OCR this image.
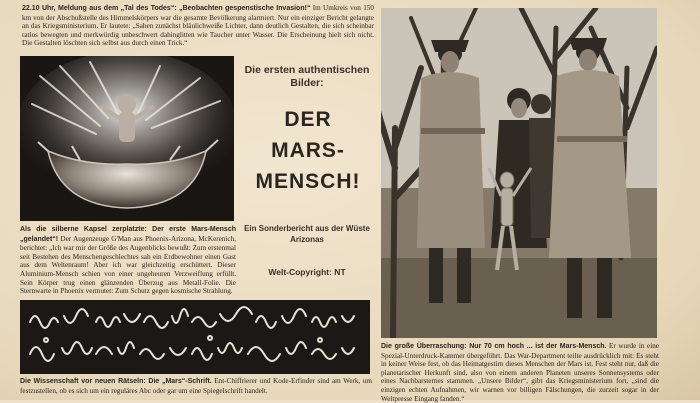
22.10 Uhr, Meldung aus dem „Tal des Todes“: „Beobachten gespenstische Invasion!“ Im Umkreis von 150 km von der Abschußstelle des Himmelskörpers war die gesamte Bevölkerung alarmiert. Nur ein einziger Bericht gelangte an das Kriegsministerium. Er lautete: „Sahen zunächst bläulichweiße Lichter, dann deutlich Gestalten, die sich scheinbar ratlos bewegten und merkwürdig unbeschwert dahinglitten wie Taucher unter Wasser. Die Erscheinung hielt sich nicht. Die Gestalten löschten sich selbst aus durch einen Trick.“

Als die silberne Kapsel zerplatzte: Der erste Mars-Mensch „gelandet“! Der Augenzeuge G'Man aus Phoenix-Arizona, McKerenich, berichtet: „Ich war mir der Größe des Augenblicks bewußt: Zum erstenmal seit Bestehen des Menschengeschlechtes sah ein Erdbewohner einen Gast aus dem Weltenraum! Aber ich war gleichzeitig erschüttert. Dieser Aluminium-Mensch schien von einer ungeheuren Verzweiflung erfüllt. Sein Körper trug einen glänzenden Überzug aus Metall-Folie. Die Sternwarte in Phoenix vermutet: Zum Schutz gegen kosmische Strahlung.

Die ersten authentischen Bilder:
DER
MARS-
MENSCH!
Ein Sonderbericht aus der Wüste Arizonas
Welt-Copyright: NT

Die große Überraschung: Nur 70 cm hoch ... ist der Mars-Mensch. Er wurde in eine Spezial-Unterdruck-Kammer übergeführt. Das War-Department teilte ausdrücklich mit: Es steht in keiner Weise fest, ob das Heimatgestirn dieses Menschen der Mars ist. Fest steht nur, daß die planetarischer Herkunft sind, also von einem anderen Planeten unseres Sonnensystems oder eines Nachbarsternes stammen. „Unsere Bilder“, gibt das Kriegsministerium fort, „sind die einzigen echten Aufnahmen, wir warnen vor billigen Fälschungen, die zurzeit sogar in der Weltpresse Eingang fanden.“

Die Wissenschaft vor neuen Rätseln: Die „Mars“-Schrift. Ent-Chiffrierer und Kode-Erfinder sind am Werk, um festzustellen, ob es sich um ein reguläres Abc oder gar um eine Spiegelschrift handelt.
